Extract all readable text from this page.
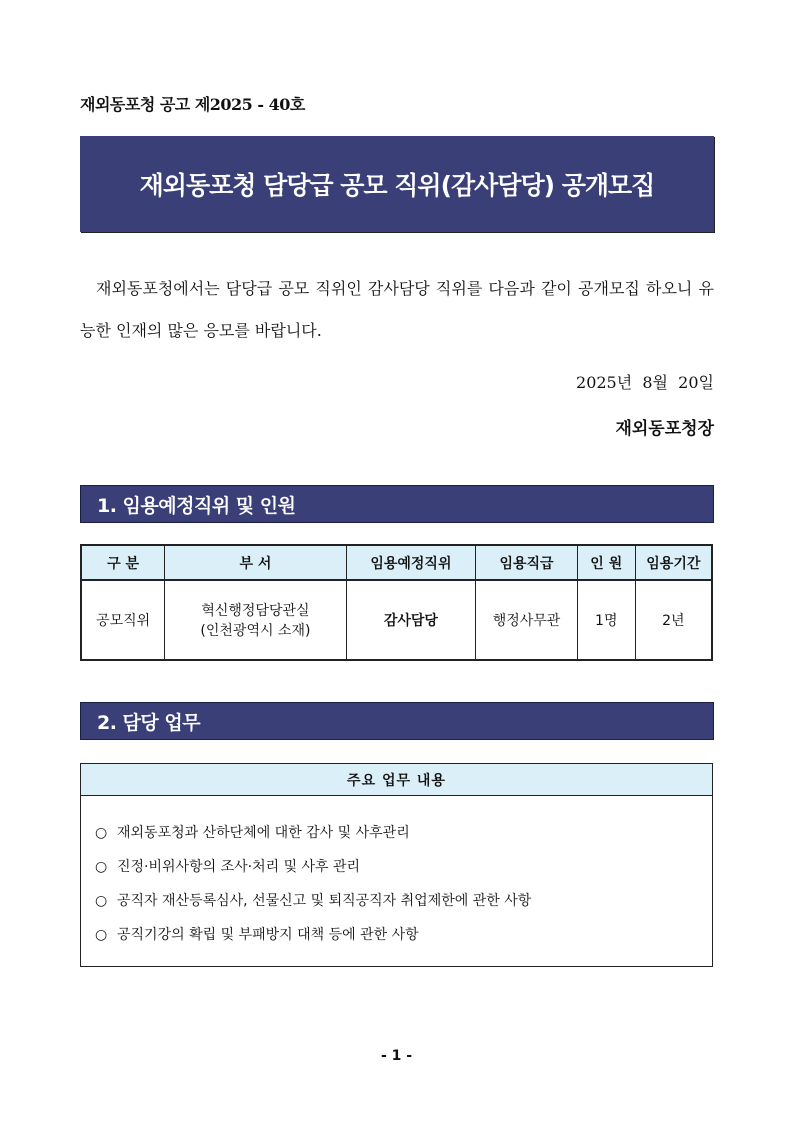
재외동포청 공고 제2025 - 40호
재외동포청 담당급 공모 직위(감사담당) 공개모집
재외동포청에서는 담당급 공모 직위인 감사담당 직위를 다음과 같이 공개모집 하오니 유능한 인재의 많은 응모를 바랍니다.
2025년  8월  20일
재외동포청장
1. 임용예정직위 및 인원
구 분	부 서	임용예정직위	임용직급	인 원	임용기간
공모직위	혁신행정담당관실
(인천광역시 소재)	감사담당	행정사무관	1명	2년
2. 담당 업무
주요 업무 내용
○ 재외동포청과 산하단체에 대한 감사 및 사후관리
○ 진정·비위사항의 조사·처리 및 사후 관리
○ 공직자 재산등록심사, 선물신고 및 퇴직공직자 취업제한에 관한 사항
○ 공직기강의 확립 및 부패방지 대책 등에 관한 사항
- 1 -
